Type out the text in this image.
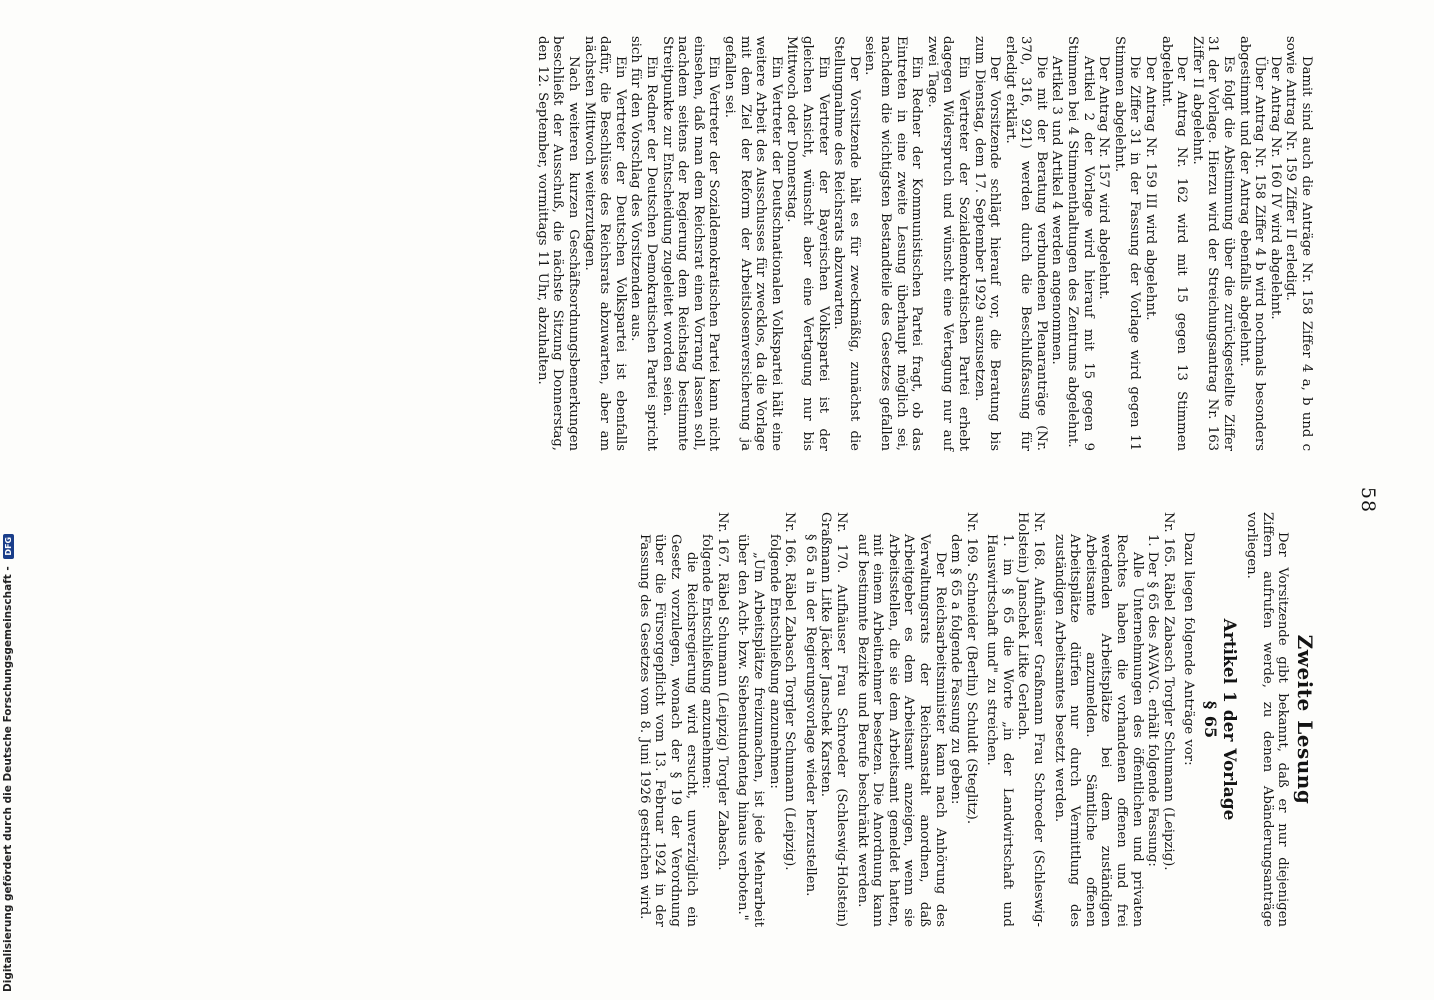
Digitalisierung gefördert durch die Deutsche Forschungsgemeinschaft - DFG
58

Damit sind auch die Anträge Nr. 158 Ziffer 4 a, b und c sowie Antrag Nr. 159 Ziffer II erledigt.

Der Antrag Nr. 160 IV wird abgelehnt.

Über Antrag Nr. 158 Ziffer 4 b wird nochmals besonders abgestimmt und der Antrag ebenfalls abgelehnt.

Es folgt die Abstimmung über die zurückgestellte Ziffer 31 der Vorlage. Hierzu wird der Streichungsantrag Nr. 163 Ziffer II abgelehnt.

Der Antrag Nr. 162 wird mit 15 gegen 13 Stimmen abgelehnt.

Der Antrag Nr. 159 III wird abgelehnt.

Die Ziffer 31 in der Fassung der Vorlage wird gegen 11 Stimmen abgelehnt.

Der Antrag Nr. 157 wird abgelehnt.

Artikel 2 der Vorlage wird hierauf mit 15 gegen 9 Stimmen bei 4 Stimmenthaltungen des Zentrums abgelehnt.

Artikel 3 und Artikel 4 werden angenommen.

Die mit der Beratung verbundenen Plenaranträge (Nr. 370, 316, 921) werden durch die Beschlußfassung für erledigt erklärt.

Der Vorsitzende schlägt hierauf vor, die Beratung bis zum Dienstag, dem 17. September 1929 auszusetzen.

Ein Vertreter der Sozialdemokratischen Partei erhebt dagegen Widerspruch und wünscht eine Vertagung nur auf zwei Tage.

Ein Redner der Kommunistischen Partei fragt, ob das Eintreten in eine zweite Lesung überhaupt möglich sei, nachdem die wichtigsten Bestandteile des Gesetzes gefallen seien.

Der Vorsitzende hält es für zweckmäßig, zunächst die Stellungnahme des Reichsrats abzuwarten.

Ein Vertreter der Bayerischen Volkspartei ist der gleichen Ansicht, wünscht aber eine Vertagung nur bis Mittwoch oder Donnerstag.

Ein Vertreter der Deutschnationalen Volkspartei hält eine weitere Arbeit des Ausschusses für zwecklos, da die Vorlage mit dem Ziel der Reform der Arbeitslosenversicherung ja gefallen sei.

Ein Vertreter der Sozialdemokratischen Partei kann nicht einsehen, daß man dem Reichsrat einen Vorrang lassen soll, nachdem seitens der Regierung dem Reichstag bestimmte Streitpunkte zur Entscheidung zugeleitet worden seien.

Ein Redner der Deutschen Demokratischen Partei spricht sich für den Vorschlag des Vorsitzenden aus.

Ein Vertreter der Deutschen Volkspartei ist ebenfalls dafür, die Beschlüsse des Reichsrats abzuwarten, aber am nächsten Mittwoch weiterzutagen.

Nach weiteren kurzen Geschäftsordnungsbemerkungen beschließt der Ausschuß, die nächste Sitzung Donnerstag, den 12. September, vormittags 11 Uhr, abzuhalten.

Zweite Lesung

Der Vorsitzende gibt bekannt, daß er nur diejenigen Ziffern aufrufen werde, zu denen Abänderungsanträge vorliegen.

Artikel 1 der Vorlage
§ 65

Dazu liegen folgende Anträge vor:

Nr. 165. Räbel Zabasch Torgler Schumann (Leipzig).

1. Der § 65 des AVAVG. erhält folgende Fassung:

Alle Unternehmungen des öffentlichen und privaten Rechtes haben die vorhandenen offenen und frei werdenden Arbeitsplätze bei dem zuständigen Arbeitsamte anzumelden. Sämtliche offenen Arbeitsplätze dürfen nur durch Vermittlung des zuständigen Arbeitsamtes besetzt werden.

Nr. 168. Aufhäuser Graßmann Frau Schroeder (Schleswig-Holstein) Janschek Litke Gerlach.

1. im § 65 die Worte „in der Landwirtschaft und Hauswirtschaft und" zu streichen.

Nr. 169. Schneider (Berlin) Schuldt (Steglitz).

dem § 65 a folgende Fassung zu geben:

Der Reichsarbeitsminister kann nach Anhörung des Verwaltungsrats der Reichsanstalt anordnen, daß Arbeitgeber es dem Arbeitsamt anzeigen, wenn sie Arbeitsstellen, die sie dem Arbeitsamt gemeldet hatten, mit einem Arbeitnehmer besetzen. Die Anordnung kann auf bestimmte Bezirke und Berufe beschränkt werden.

Nr. 170. Aufhäuser Frau Schroeder (Schleswig-Holstein) Graßmann Litke Jäcker Janschek Karsten.

§ 65 a in der Regierungsvorlage wieder herzustellen.

Nr. 166. Räbel Zabasch Torgler Schumann (Leipzig).

folgende Entschließung anzunehmen:

„Um Arbeitsplätze freizumachen, ist jede Mehrarbeit über den Acht- bzw. Siebenstundentag hinaus verboten."

Nr. 167. Räbel Schumann (Leipzig) Torgler Zabasch.

folgende Entschließung anzunehmen:

die Reichsregierung wird ersucht, unverzüglich ein Gesetz vorzulegen, wonach der § 19 der Verordnung über die Fürsorgepflicht vom 13. Februar 1924 in der Fassung des Gesetzes vom 8. Juni 1926 gestrichen wird.
